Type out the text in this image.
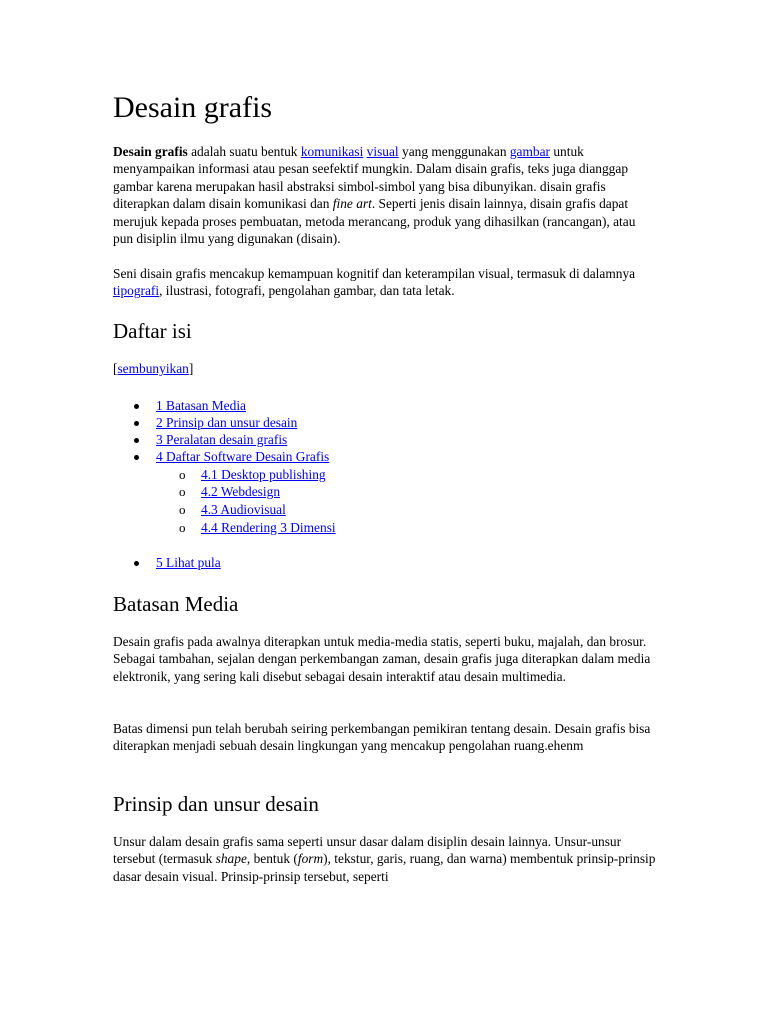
Desain grafis

Desain grafis adalah suatu bentuk komunikasi visual yang menggunakan gambar untuk menyampaikan informasi atau pesan seefektif mungkin. Dalam disain grafis, teks juga dianggap gambar karena merupakan hasil abstraksi simbol-simbol yang bisa dibunyikan. disain grafis diterapkan dalam disain komunikasi dan fine art. Seperti jenis disain lainnya, disain grafis dapat merujuk kepada proses pembuatan, metoda merancang, produk yang dihasilkan (rancangan), atau pun disiplin ilmu yang digunakan (disain).

Seni disain grafis mencakup kemampuan kognitif dan keterampilan visual, termasuk di dalamnya tipografi, ilustrasi, fotografi, pengolahan gambar, dan tata letak.

Daftar isi
[sembunyikan]
1 Batasan Media
2 Prinsip dan unsur desain
3 Peralatan desain grafis
4 Daftar Software Desain Grafis
o 4.1 Desktop publishing
o 4.2 Webdesign
o 4.3 Audiovisual
o 4.4 Rendering 3 Dimensi
5 Lihat pula
Batasan Media

Desain grafis pada awalnya diterapkan untuk media-media statis, seperti buku, majalah, dan brosur. Sebagai tambahan, sejalan dengan perkembangan zaman, desain grafis juga diterapkan dalam media elektronik, yang sering kali disebut sebagai desain interaktif atau desain multimedia.

Batas dimensi pun telah berubah seiring perkembangan pemikiran tentang desain. Desain grafis bisa diterapkan menjadi sebuah desain lingkungan yang mencakup pengolahan ruang.ehenm

Prinsip dan unsur desain

Unsur dalam desain grafis sama seperti unsur dasar dalam disiplin desain lainnya. Unsur-unsur tersebut (termasuk shape, bentuk (form), tekstur, garis, ruang, dan warna) membentuk prinsip-prinsip dasar desain visual. Prinsip-prinsip tersebut, seperti
